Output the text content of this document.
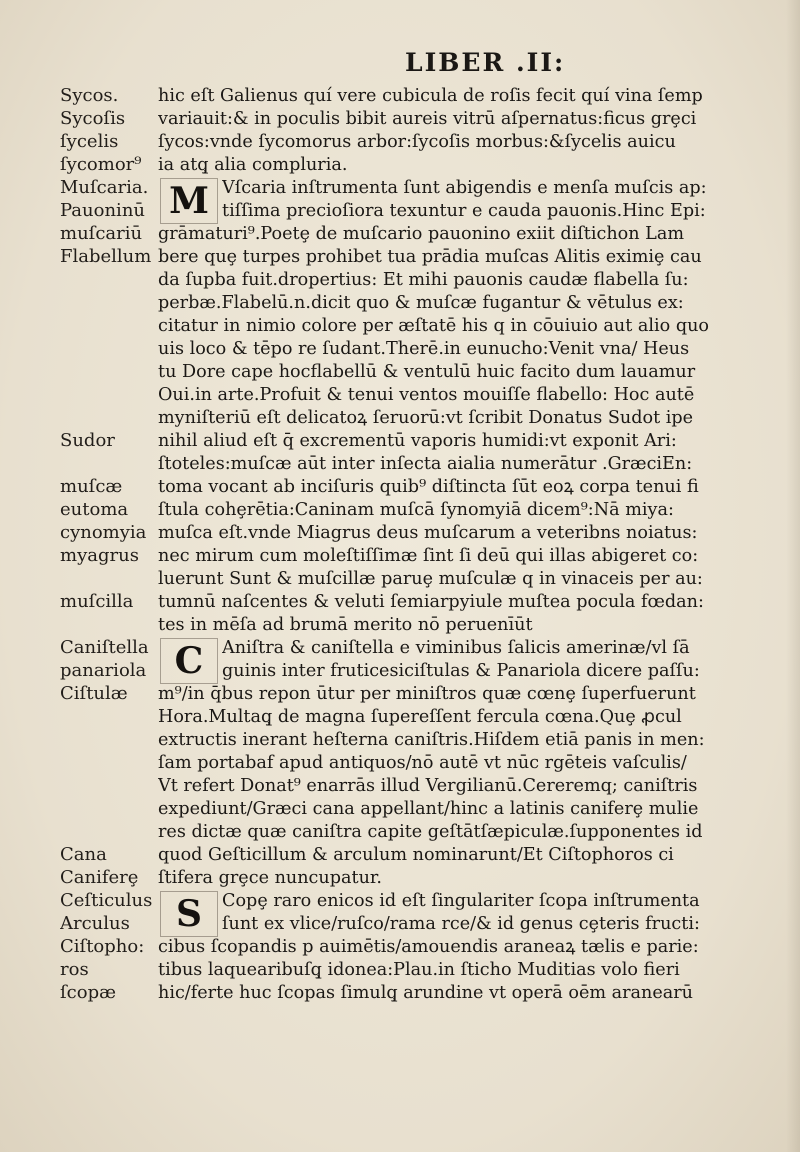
LIBER .II:
hic eſt Galienus quí vere cubicula de roſis fecit quí vina ſemp
variauit:& in poculis bibit aureis vitrū aſpernatus:ficus grȩci
ſycos:vnde ſycomorus arbor:ſycoſis morbus:&ſycelis auicu
ia atq̧ alia compluria.
M Vſcaria inſtrumenta ſunt abigendis e menſa muſcis ap:
tiſſima precioſiora texuntur e cauda pauonis.Hinc Epi:
grāmaturi⁹.Poetȩ de muſcario pauonino exiit diſtichon Lam
bere quȩ turpes prohibet tua prādia muſcas Alitis eximiȩ cau
da ſupba fuit.dropertius: Et mihi pauonis caudæ flabella ſu:
perbæ.Flabelū.n.dicit quo & muſcæ fugantur & vētulus ex:
citatur in nimio colore per æſtatē his q in cōuiuio aut alio quo
uis loco & tēpo re ſudant.Therē.in eunucho:Venit vna/ Heus
tu Dore cape hocflabellū & ventulū huic facito dum lauamur
Oui.in arte.Profuit & tenui ventos mouiſſe flabello: Hoc autē
myniſteriū eſt delicatoꝝ ſeruorū:vt ſcribit Donatus Sudot ipe
nihil aliud eſt q̄ excrementū vaporis humidi:vt exponit Ari:
ſtoteles:muſcæ aūt inter inſecta aialia numerātur .GræciEn:
toma vocant ab inciſuris quib⁹ diſtincta ſūt eoꝝ corpa tenui fi
ſtula cohȩrētia:Caninam muſcā ſynomyiā dicem⁹:Nā miya:
muſca eſt.vnde Miagrus deus muſcarum a veteribns noiatus:
nec mirum cum moleſtiſſimæ ſint ſi deū qui illas abigeret co:
luerunt Sunt & muſcillæ paruȩ muſculæ q in vinaceis per au:
tumnū naſcentes & veluti ſemiarpyiule muſtea pocula fœdan:
tes in mēſa ad brumā merito nō peruenīūt
C	Aniſtra & caniſtella e viminibus ſalicis amerinæ/vl ſā
guinis inter fruticesiciſtulas & Panariola dicere paſſu:
m⁹/in q̄bus repon ūtur per miniſtros quæ cœnȩ ſuperfuerunt
Hora.Multaq̧ de magna ſupereſſent fercula cœna.Quȩ ꝓcul
extructis inerant heſterna caniſtris.Hiſdem etiā panis in men:
ſam portabaf apud antiquos/nō autē vt nūc rgēteis vaſculis/
Vt refert Donat⁹ enarrās illud Vergilianū.Cereremq; caniſtris
expediunt/Græci cana appellant/hinc a latinis caniferȩ mulie
res dictæ quæ caniſtra capite geſtātſæpiculæ.ſupponentes id
quod Geſticillum & arculum nominarunt/Et Ciſtophoros ci
ſtifera grȩce nuncupatur.
S	Copȩ raro enicos id eſt ſingulariter ſcopa inſtrumenta
ſunt ex vlice/ruſco/rama rce/& id genus cȩteris fructi:
cibus ſcopandis p auimētis/amouendis araneaꝝ tælis e parie:
tibus laquearibuſq̧ idonea:Plau.in ſticho Muditias volo fieri
hic/ferte huc ſcopas ſimulq̧ arundine vt operā oēm aranearū
Sycos.
Sycoſis
ſycelis
ſycomor⁹
Muſcaria.
Pauoninū
muſcariū
Flabellum
Sudor
muſcæ
eutoma
cynomyia
myagrus
muſcilla
Caniſtella
panariola
Ciſtulæ
Cana
Caniferȩ
Ceſticulus
Arculus
Ciſtopho:
ros
ſcopæ
